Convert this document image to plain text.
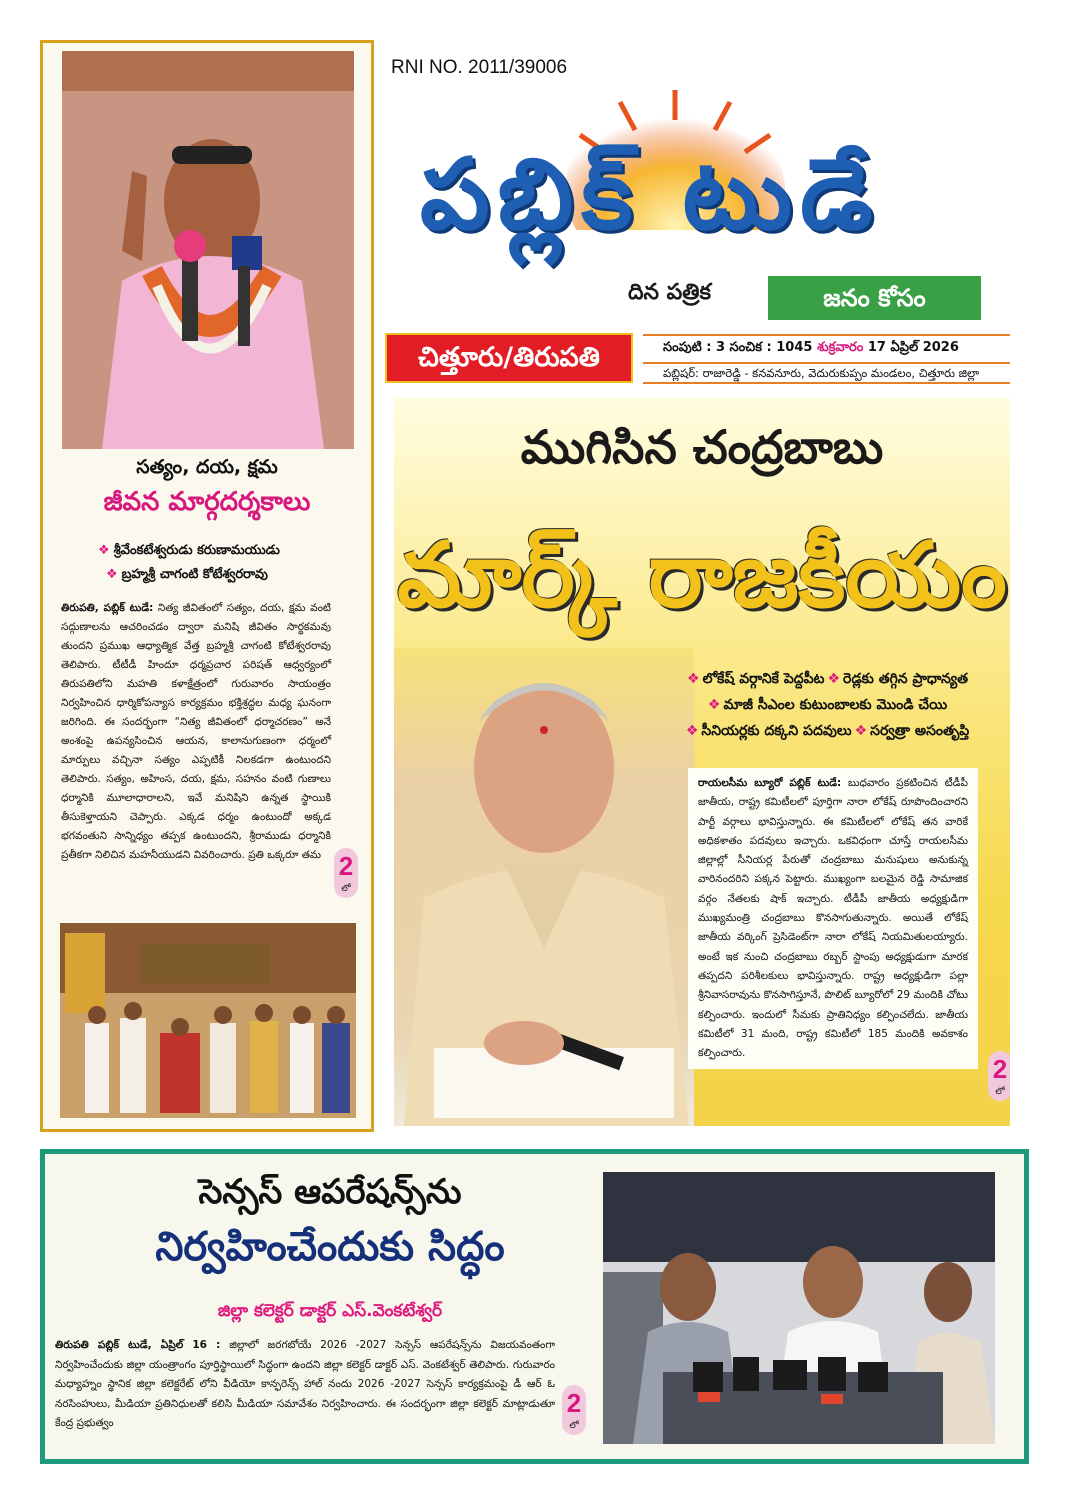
సత్యం, దయ, క్షమ
జీవన మార్గదర్శకాలు
❖ శ్రీవేంకటేశ్వరుడు కరుణామయుడు
❖ బ్రహ్మశ్రీ చాగంటి కోటేశ్వరరావు
తిరుపతి, పబ్లిక్ టుడే: నిత్య జీవితంలో సత్యం, దయ, క్షమ వంటి సద్గుణాలను ఆచరించడం ద్వారా మనిషి జీవితం సార్థకమవు తుందని ప్రముఖ ఆధ్యాత్మిక వేత్త బ్రహ్మశ్రీ చాగంటి కోటేశ్వరరావు తెలిపారు. టీటీడీ హిందూ ధర్మప్రచార పరిషత్ ఆధ్వర్యంలో తిరుపతిలోని మహతి కళాక్షేత్రంలో గురువారం సాయంత్రం నిర్వహించిన ధార్మికోపన్యాస కార్యక్రమం భక్తిశ్రద్ధల మధ్య ఘనంగా జరిగింది. ఈ సందర్భంగా “నిత్య జీవితంలో ధర్మాచరణం” అనే అంశంపై ఉపన్యసించిన ఆయన, కాలానుగుణంగా ధర్మంలో మార్పులు వచ్చినా సత్యం ఎప్పటికీ నిలకడగా ఉంటుందని తెలిపారు. సత్యం, అహింస, దయ, క్షమ, సహనం వంటి గుణాలు ధర్మానికి మూలాధారాలని, ఇవే మనిషిని ఉన్నత స్థాయికి తీసుకెళ్తాయని చెప్పారు. ఎక్కడ ధర్మం ఉంటుందో అక్కడ భగవంతుని సాన్నిధ్యం తప్పక ఉంటుందని, శ్రీరాముడు ధర్మానికి ప్రతీకగా నిలిచిన మహనీయుడని వివరించారు. ప్రతి ఒక్కరూ తమ 2
లో
RNI NO. 2011/39006
పబ్లిక్ టుడే
దిన పత్రిక	జనం కోసం
చిత్తూరు/తిరుపతి	సంపుటి : 3 సంచిక : 1045 శుక్రవారం 17 ఏప్రిల్ 2026
పబ్లిషర్: రాజారెడ్డి - కనవనూరు, వెదురుకుప్పం మండలం, చిత్తూరు జిల్లా
ముగిసిన చంద్రబాబు
మార్క్ రాజకీయం
❖ లోకేష్ వర్గానికే పెద్దపీట ❖ రెడ్లకు తగ్గిన ప్రాధాన్యత
❖ మాజీ సీఎంల కుటుంబాలకు మొండి చేయి
❖ సీనియర్లకు దక్కని పదవులు ❖ సర్వత్రా అసంతృప్తి
రాయలసీమ బ్యూరో పబ్లిక్ టుడే: బుధవారం ప్రకటించిన టీడీపీ జాతీయ, రాష్ట్ర కమిటీలలో పూర్తిగా నారా లోకేష్ రూపొందించారని పార్టీ వర్గాలు భావిస్తున్నారు. ఈ కమిటీలలో లోకేష్ తన వారికే అధికశాతం పదవులు ఇచ్చారు. ఒకవిధంగా చూస్తే రాయలసీమ జిల్లాల్లో సీనియర్ల పేరుతో చంద్రబాబు మనుషులు అనుకున్న వారినందరిని పక్కన పెట్టారు. ముఖ్యంగా బలమైన రెడ్డి సామాజిక వర్గం నేతలకు షాక్ ఇచ్చారు. టీడీపీ జాతీయ అధ్యక్షుడిగా ముఖ్యమంత్రి చంద్రబాబు కొనసాగుతున్నారు. అయితే లోకేష్ జాతీయ వర్కింగ్ ప్రెసిడెంట్‌గా నారా లోకేష్ నియమితులయ్యారు. అంటే ఇక నుంచి చంద్రబాబు రబ్బర్ స్టాంపు అధ్యక్షుడుగా మారక తప్పదని పరిశీలకులు భావిస్తున్నారు. రాష్ట్ర అధ్యక్షుడిగా పల్లా శ్రీనివాసరావును కొనసాగిస్తూనే, పొలిట్ బ్యూరోలో 29 మందికి చోటు కల్పించారు. ఇందులో సీమకు ప్రాతినిధ్యం కల్పించలేదు. జాతీయ కమిటీలో 31 మంది, రాష్ట్ర కమిటీలో 185 మందికి అవకాశం కల్పించారు.
2
లో
సెన్సస్ ఆపరేషన్స్‌ను
నిర్వహించేందుకు సిద్ధం
జిల్లా కలెక్టర్ డాక్టర్ ఎస్.వెంకటేశ్వర్
తిరుపతి పబ్లిక్ టుడే, ఏప్రిల్ 16 : జిల్లాలో జరగబోయే 2026 -2027 సెన్సస్ ఆపరేషన్స్‌ను విజయవంతంగా నిర్వహించేందుకు జిల్లా యంత్రాంగం పూర్తిస్థాయిలో సిద్ధంగా ఉందని జిల్లా కలెక్టర్ డాక్టర్ ఎస్. వెంకటేశ్వర్ తెలిపారు. గురువారం మధ్యాహ్నం స్థానిక జిల్లా కలెక్టరేట్ లోని వీడియో కాన్ఫరెన్స్ హాల్ నందు 2026 -2027 సెన్సస్ కార్యక్రమంపై డీ ఆర్ ఓ నరసింహులు, మీడియా ప్రతినిధులతో కలిసి మీడియా సమావేశం నిర్వహించారు. ఈ సందర్భంగా జిల్లా కలెక్టర్ మాట్లాడుతూ కేంద్ర ప్రభుత్వం
2
లో
